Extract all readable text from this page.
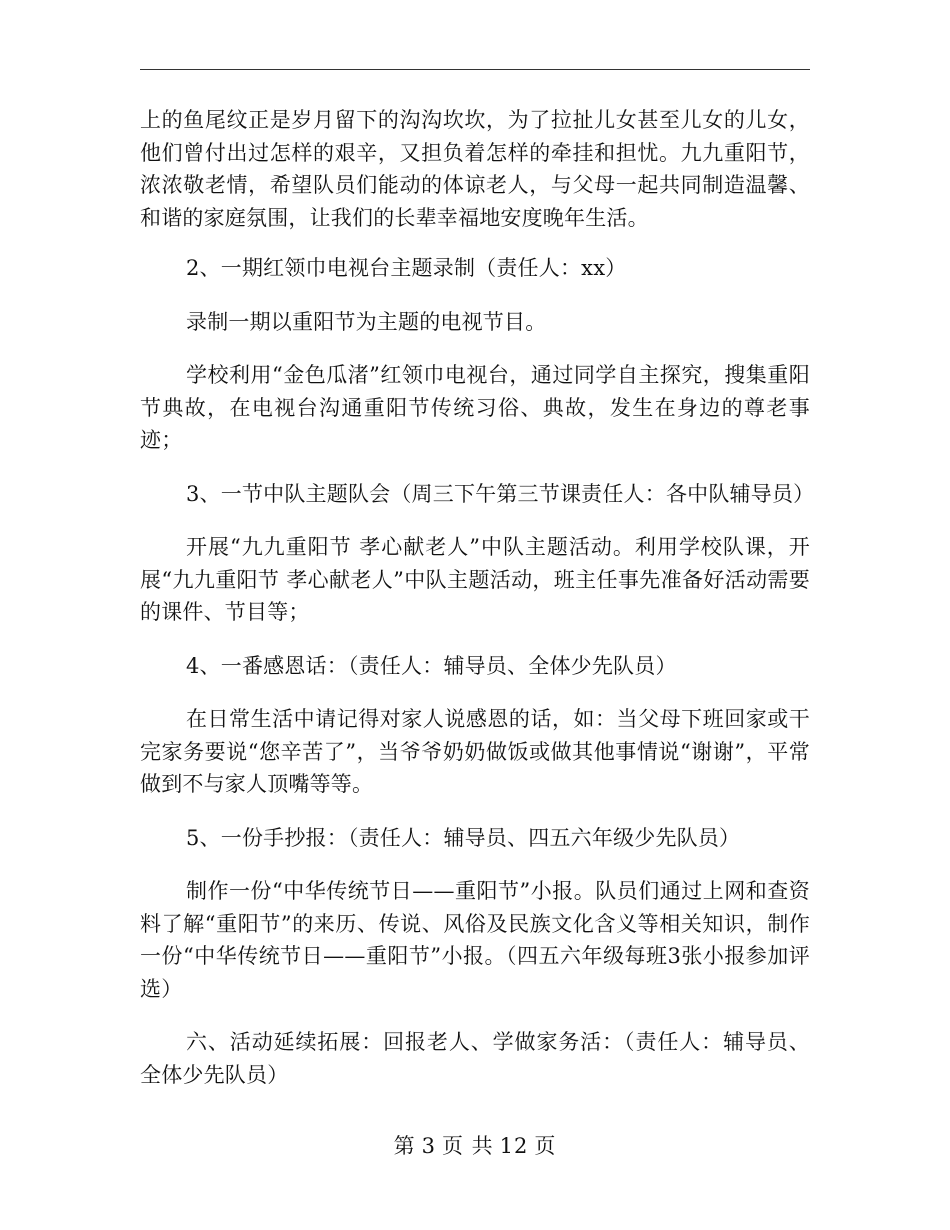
上的鱼尾纹正是岁月留下的沟沟坎坎，为了拉扯儿女甚至儿女的儿女，他们曾付出过怎样的艰辛，又担负着怎样的牵挂和担忧。九九重阳节，浓浓敬老情，希望队员们能动的体谅老人，与父母一起共同制造温馨、和谐的家庭氛围，让我们的长辈幸福地安度晚年生活。

2、一期红领巾电视台主题录制（责任人：xx）

录制一期以重阳节为主题的电视节目。

学校利用“金色瓜渚”红领巾电视台，通过同学自主探究，搜集重阳节典故，在电视台沟通重阳节传统习俗、典故，发生在身边的尊老事迹；

3、一节中队主题队会（周三下午第三节课责任人：各中队辅导员）

开展“九九重阳节 孝心献老人”中队主题活动。利用学校队课，开展“九九重阳节 孝心献老人”中队主题活动，班主任事先准备好活动需要的课件、节目等；

4、一番感恩话：（责任人：辅导员、全体少先队员）

在日常生活中请记得对家人说感恩的话，如：当父母下班回家或干完家务要说“您辛苦了”，当爷爷奶奶做饭或做其他事情说“谢谢”，平常做到不与家人顶嘴等等。

5、一份手抄报：（责任人：辅导员、四五六年级少先队员）

制作一份“中华传统节日——重阳节”小报。队员们通过上网和查资料了解“重阳节”的来历、传说、风俗及民族文化含义等相关知识，制作一份“中华传统节日——重阳节”小报。（四五六年级每班3张小报参加评选）

六、活动延续拓展：回报老人、学做家务活：（责任人：辅导员、全体少先队员）

第 3 页 共 12 页
